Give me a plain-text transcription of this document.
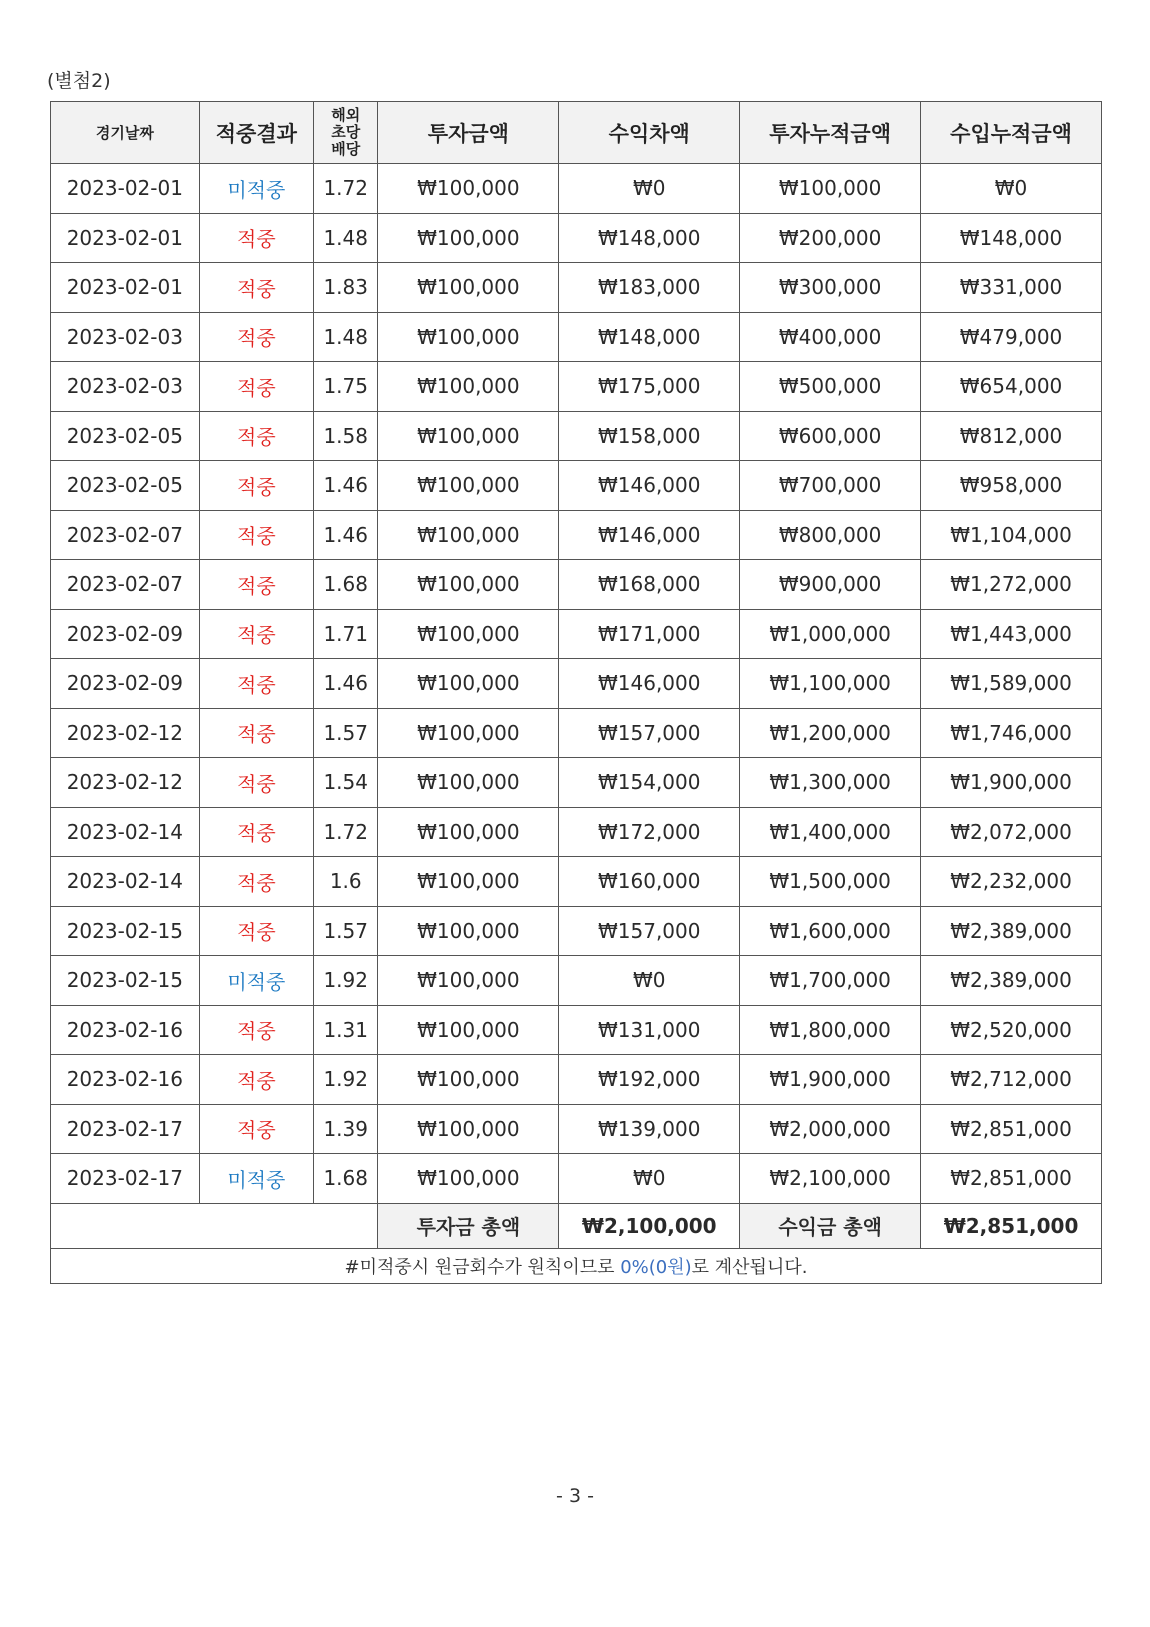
(별첨2)
경기날짜	적중결과	해외
초당
배당	투자금액	수익차액	투자누적금액	수입누적금액
2023-02-01	미적중	1.72	₩100,000	₩0	₩100,000	₩0
2023-02-01	적중	1.48	₩100,000	₩148,000	₩200,000	₩148,000
2023-02-01	적중	1.83	₩100,000	₩183,000	₩300,000	₩331,000
2023-02-03	적중	1.48	₩100,000	₩148,000	₩400,000	₩479,000
2023-02-03	적중	1.75	₩100,000	₩175,000	₩500,000	₩654,000
2023-02-05	적중	1.58	₩100,000	₩158,000	₩600,000	₩812,000
2023-02-05	적중	1.46	₩100,000	₩146,000	₩700,000	₩958,000
2023-02-07	적중	1.46	₩100,000	₩146,000	₩800,000	₩1,104,000
2023-02-07	적중	1.68	₩100,000	₩168,000	₩900,000	₩1,272,000
2023-02-09	적중	1.71	₩100,000	₩171,000	₩1,000,000	₩1,443,000
2023-02-09	적중	1.46	₩100,000	₩146,000	₩1,100,000	₩1,589,000
2023-02-12	적중	1.57	₩100,000	₩157,000	₩1,200,000	₩1,746,000
2023-02-12	적중	1.54	₩100,000	₩154,000	₩1,300,000	₩1,900,000
2023-02-14	적중	1.72	₩100,000	₩172,000	₩1,400,000	₩2,072,000
2023-02-14	적중	1.6	₩100,000	₩160,000	₩1,500,000	₩2,232,000
2023-02-15	적중	1.57	₩100,000	₩157,000	₩1,600,000	₩2,389,000
2023-02-15	미적중	1.92	₩100,000	₩0	₩1,700,000	₩2,389,000
2023-02-16	적중	1.31	₩100,000	₩131,000	₩1,800,000	₩2,520,000
2023-02-16	적중	1.92	₩100,000	₩192,000	₩1,900,000	₩2,712,000
2023-02-17	적중	1.39	₩100,000	₩139,000	₩2,000,000	₩2,851,000
2023-02-17	미적중	1.68	₩100,000	₩0	₩2,100,000	₩2,851,000
			투자금 총액	₩2,100,000	수익금 총액	₩2,851,000
#미적중시 원금회수가 원칙이므로 0%(0원)로 계산됩니다.						
- 3 -
